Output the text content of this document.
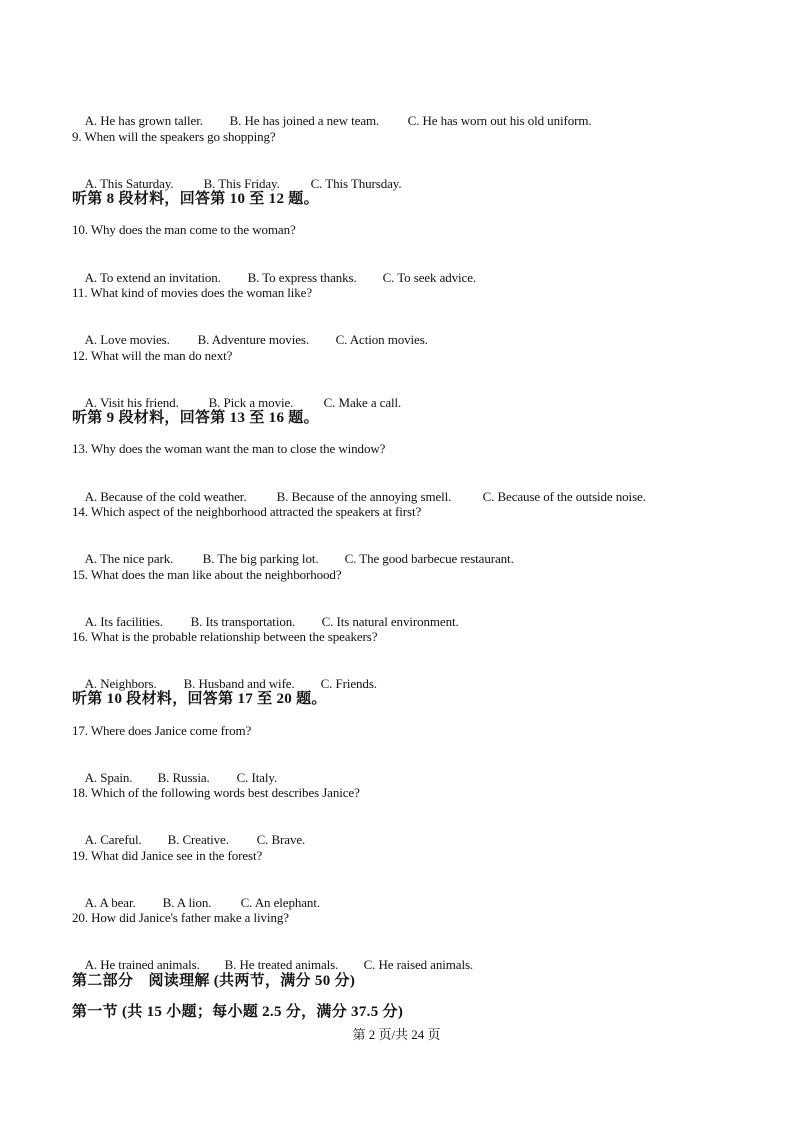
A. He has grown taller. B. He has joined a new team. C. He has worn out his old uniform.

9. When will the speakers go shopping?

A. This Saturday. B. This Friday. C. This Thursday.

听第 8 段材料，回答第 10 至 12 题。
10. Why does the man come to the woman?

A. To extend an invitation. B. To express thanks. C. To seek advice.

11. What kind of movies does the woman like?

A. Love movies. B. Adventure movies. C. Action movies.

12. What will the man do next?

A. Visit his friend. B. Pick a movie. C. Make a call.

听第 9 段材料，回答第 13 至 16 题。
13. Why does the woman want the man to close the window?

A. Because of the cold weather. B. Because of the annoying smell. C. Because of the outside noise.

14. Which aspect of the neighborhood attracted the speakers at first?

A. The nice park. B. The big parking lot. C. The good barbecue restaurant.

15. What does the man like about the neighborhood?

A. Its facilities. B. Its transportation. C. Its natural environment.

16. What is the probable relationship between the speakers?

A. Neighbors. B. Husband and wife. C. Friends.

听第 10 段材料，回答第 17 至 20 题。
17. Where does Janice come from?

A. Spain. B. Russia. C. Italy.

18. Which of the following words best describes Janice?

A. Careful. B. Creative. C. Brave.

19. What did Janice see in the forest?

A. A bear. B. A lion. C. An elephant.

20. How did Janice's father make a living?

A. He trained animals. B. He treated animals. C. He raised animals.

第二部分　阅读理解 (共两节，满分 50 分)
第一节 (共 15 小题；每小题 2.5 分，满分 37.5 分)
第 2 页/共 24 页
